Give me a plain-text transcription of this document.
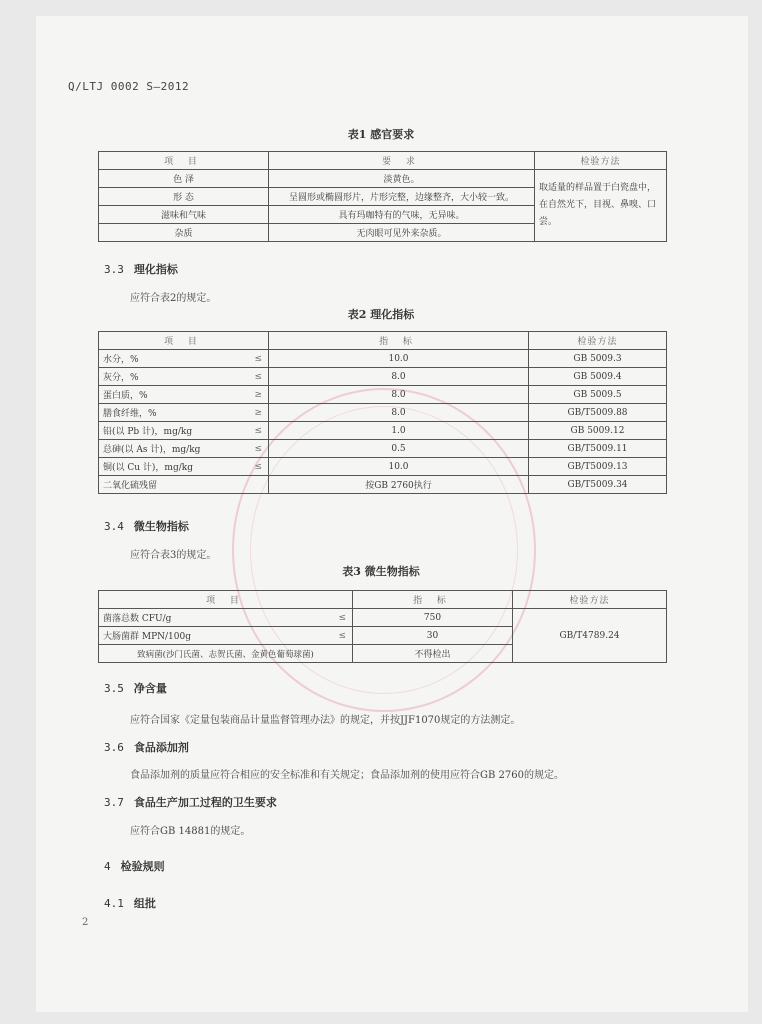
Q/LTJ 0002 S—2012
表1 感官要求
项 目	要 求	检验方法
色 泽	淡黄色。	取适量的样品置于白瓷盘中，在自然光下，目视、鼻嗅、口尝。
形 态	呈圆形或椭圆形片，片形完整，边缘整齐，大小较一致。	
滋味和气味	具有玛咖特有的气味，无异味。	
杂质	无肉眼可见外来杂质。	
3.3 理化指标
应符合表2的规定。
表2 理化指标
项 目		指 标	检验方法
水分，%	≤	10.0	GB 5009.3
灰分，%	≤	8.0	GB 5009.4
蛋白质，%	≥	8.0	GB 5009.5
膳食纤维，%	≥	8.0	GB/T5009.88
铅(以 Pb 计)，mg/kg	≤	1.0	GB 5009.12
总砷(以 As 计)，mg/kg	≤	0.5	GB/T5009.11
铜(以 Cu 计)，mg/kg	≤	10.0	GB/T5009.13
二氧化硫残留		按GB 2760执行	GB/T5009.34
3.4 微生物指标
应符合表3的规定。
表3 微生物指标
项 目		指 标	检验方法
菌落总数 CFU/g	≤	750	GB/T4789.24
大肠菌群 MPN/100g	≤	30	
致病菌(沙门氏菌、志贺氏菌、金黄色葡萄球菌)		不得检出	
3.5 净含量
应符合国家《定量包装商品计量监督管理办法》的规定，并按JJF1070规定的方法测定。
3.6 食品添加剂
食品添加剂的质量应符合相应的安全标准和有关规定；食品添加剂的使用应符合GB 2760的规定。
3.7 食品生产加工过程的卫生要求
应符合GB 14881的规定。
4 检验规则
4.1 组批
2
